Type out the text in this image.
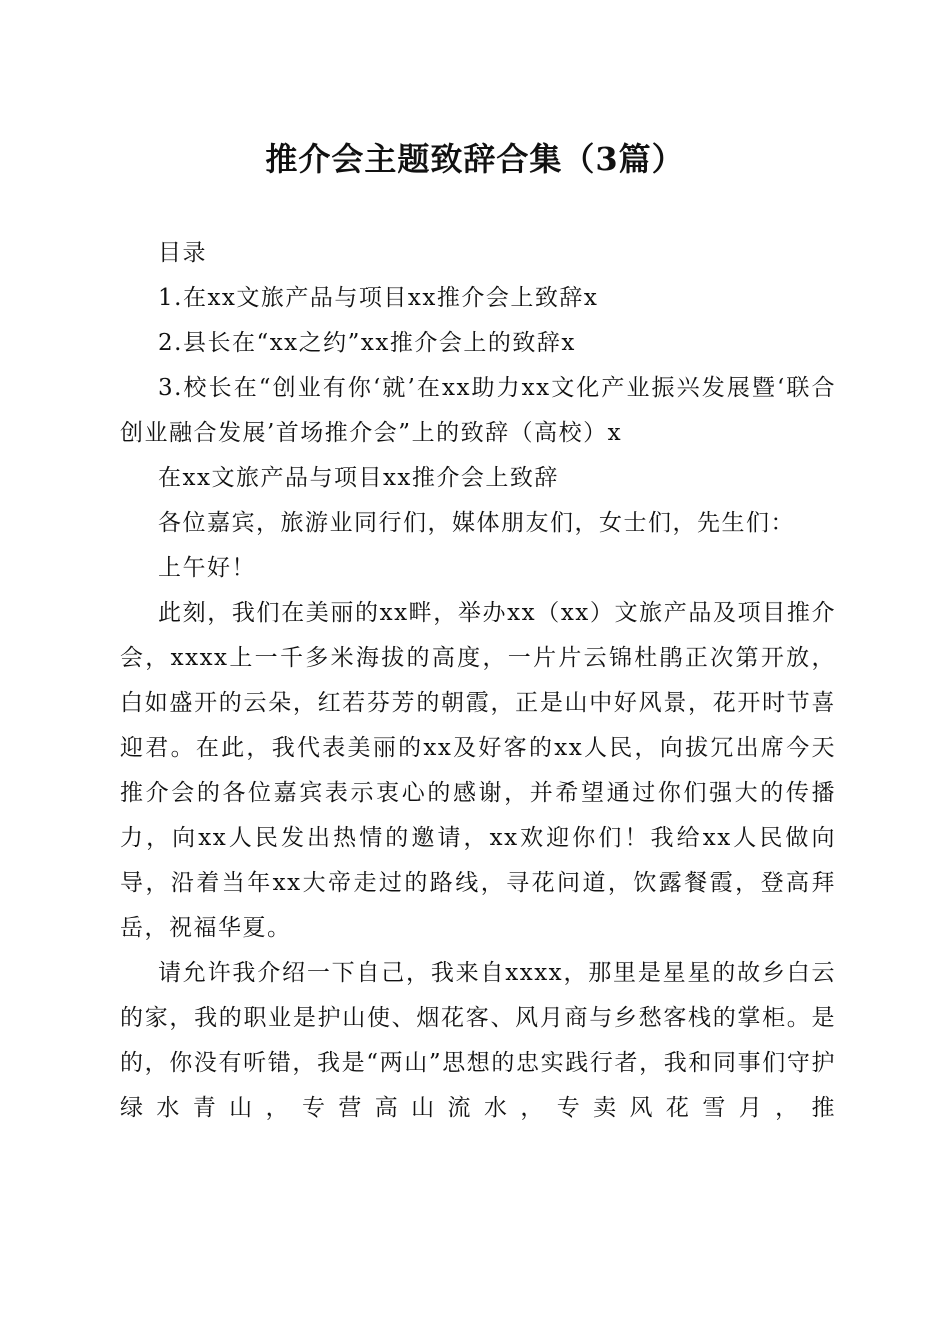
推介会主题致辞合集（3篇）

目录

1.在xx文旅产品与项目xx推介会上致辞x

2.县长在“xx之约”xx推介会上的致辞x

3.校长在“创业有你‘就’在xx助力xx文化产业振兴发展暨‘联合创业融合发展’首场推介会”上的致辞（高校）x

在xx文旅产品与项目xx推介会上致辞

各位嘉宾，旅游业同行们，媒体朋友们，女士们，先生们：

上午好！

此刻，我们在美丽的xx畔，举办xx（xx）文旅产品及项目推介会，xxxx上一千多米海拔的高度，一片片云锦杜鹃正次第开放，白如盛开的云朵，红若芬芳的朝霞，正是山中好风景，花开时节喜迎君。在此，我代表美丽的xx及好客的xx人民，向拔冗出席今天推介会的各位嘉宾表示衷心的感谢，并希望通过你们强大的传播力，向xx人民发出热情的邀请，xx欢迎你们！我给xx人民做向导，沿着当年xx大帝走过的路线，寻花问道，饮露餐霞，登高拜岳，祝福华夏。

请允许我介绍一下自己，我来自xxxx，那里是星星的故乡白云的家，我的职业是护山使、烟花客、风月商与乡愁客栈的掌柜。是的，你没有听错，我是“两山”思想的忠实践行者，我和同事们守护绿水青山，专营高山流水，专卖风花雪月，推
